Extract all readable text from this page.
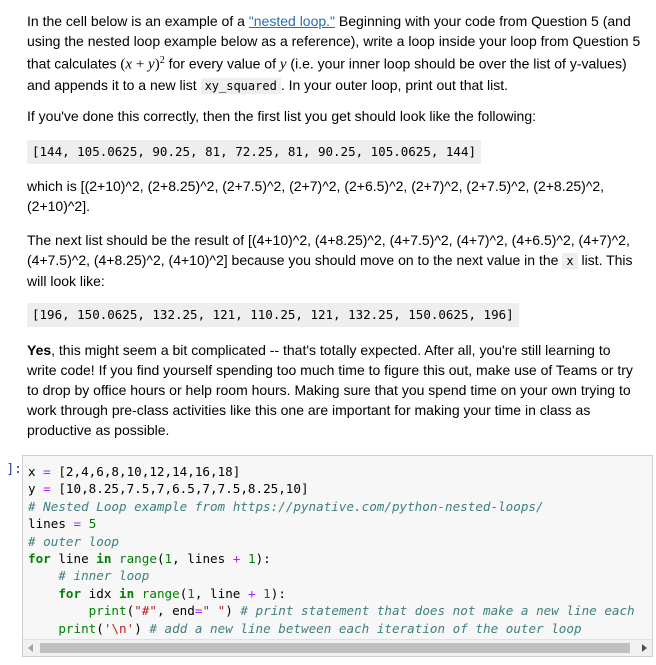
In the cell below is an example of a "nested loop." Beginning with your code from Question 5 (and using the nested loop example below as a reference), write a loop inside your loop from Question 5 that calculates $(x + y)^2$ for every value of y (i.e. your inner loop should be over the list of y-values) and appends it to a new list xy_squared . In your outer loop, print out that list.

If you've done this correctly, then the first list you get should look like the following:

[144, 105.0625, 90.25, 81, 72.25, 81, 90.25, 105.0625, 144]

which is [(2+10)^2, (2+8.25)^2, (2+7.5)^2, (2+7)^2, (2+6.5)^2, (2+7)^2, (2+7.5)^2, (2+8.25)^2, (2+10)^2].

The next list should be the result of [(4+10)^2, (4+8.25)^2, (4+7.5)^2, (4+7)^2, (4+6.5)^2, (4+7)^2, (4+7.5)^2, (4+8.25)^2, (4+10)^2] because you should move on to the next value in the x list. This will look like:

[196, 150.0625, 132.25, 121, 110.25, 121, 132.25, 150.0625, 196]

Yes, this might seem a bit complicated -- that's totally expected. After all, you're still learning to write code! If you find yourself spending too much time to figure this out, make use of Teams or try to drop by office hours or help room hours. Making sure that you spend time on your own trying to work through pre-class activities like this one are important for making your time in class as productive as possible.

]: x = [2,4,6,8,10,12,14,16,18]
y = [10,8.25,7.5,7,6.5,7,7.5,8.25,10]
# Nested Loop example from https://pynative.com/python-nested-loops/
lines = 5
# outer loop
for line in range(1, lines + 1):
# inner loop
for idx in range(1, line + 1):
print("#", end=" ") # print statement that does not make a new line each
print('\n') # add a new line between each iteration of the outer loop
